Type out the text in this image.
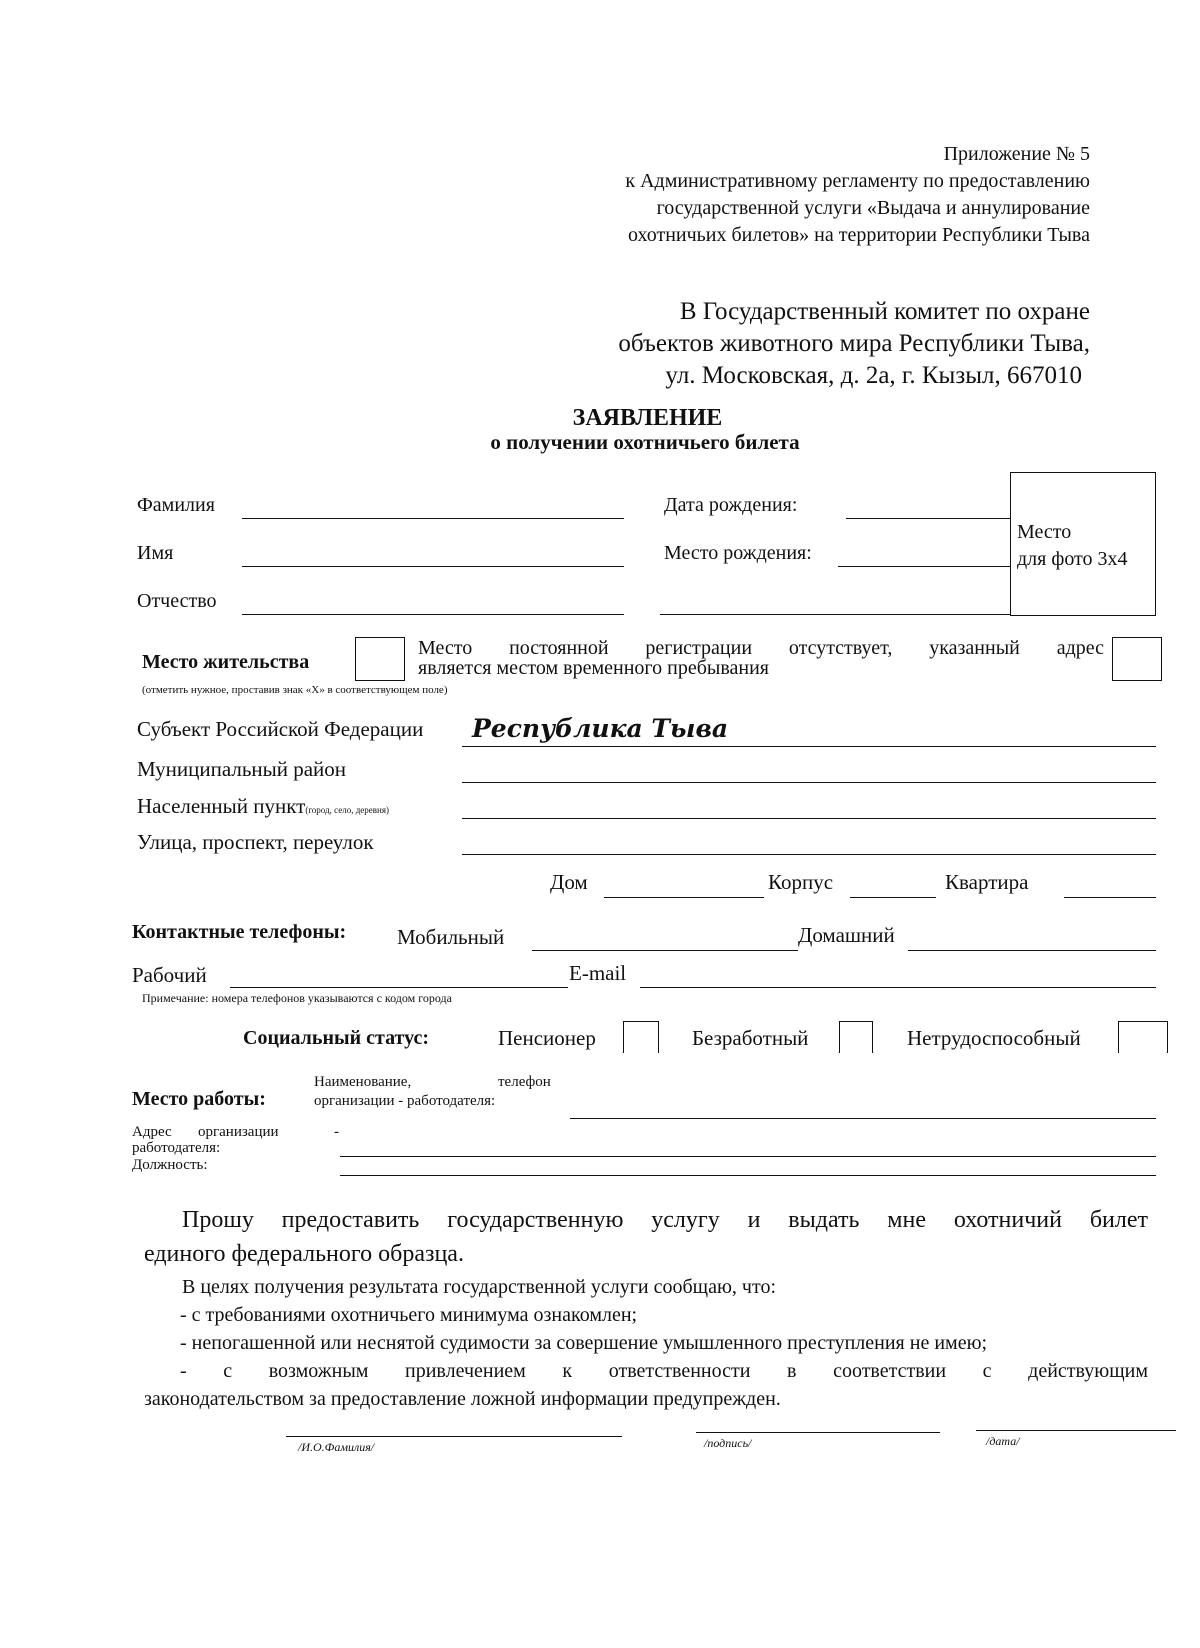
Приложение № 5
к Административному регламенту по предоставлению
государственной услуги «Выдача и аннулирование
охотничьих билетов» на территории Республики Тыва
В Государственный комитет по охране
объектов животного мира Республики Тыва,
ул. Московская, д. 2а, г. Кызыл, 667010
ЗАЯВЛЕНИЕ
о получении охотничьего билета
Фамилия
Имя
Отчество
Дата рождения:
Место рождения:
Место
для фото 3х4
Место жительства
(отметить нужное, проставив знак «Х» в соответствующем поле)
Место постоянной регистрации отсутствует, указанный адрес
является местом временного пребывания
Субъект Российской Федерации Республика Тыва
Муниципальный район
Населенный пункт(город, село, деревня)
Улица, проспект, переулок
Дом	Корпус	Квартира
Контактные телефоны: Мобильный	Домашний
Рабочий	E-mail
Примечание: номера телефонов указываются с кодом города
Социальный статус:	Пенсионер	Безработный	Нетрудоспособный
Место работы:
Наименование,	телефон
организации - работодателя:
Адрес организации	-
работодателя:
Должность:
Прошу предоставить государственную услугу и выдать мне охотничий билет
единого федерального образца.
В целях получения результата государственной услуги сообщаю, что:
- с требованиями охотничьего минимума ознакомлен;
- непогашенной или неснятой судимости за совершение умышленного преступления не имею;
- с возможным привлечением к ответственности в соответствии с действующим
законодательством за предоставление ложной информации предупрежден.
/И.О.Фамилия/	/подпись/	/дата/
